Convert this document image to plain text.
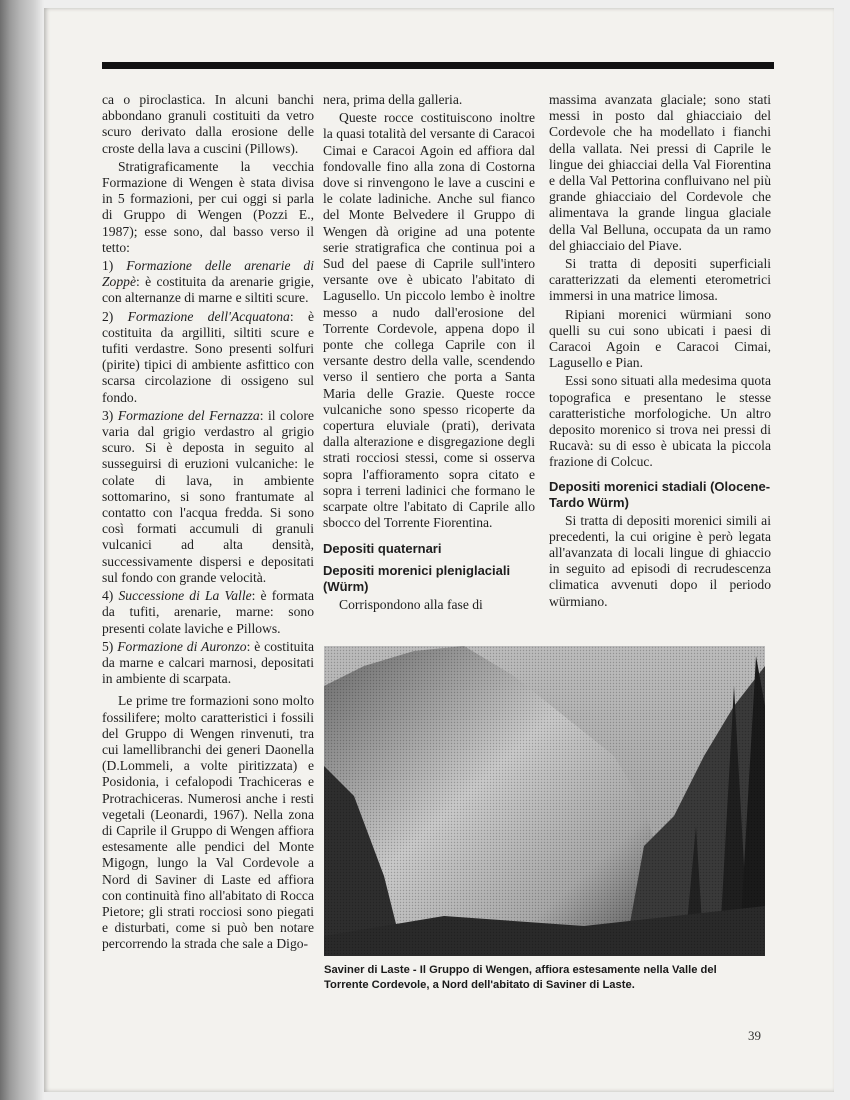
ca o piroclastica. In alcuni banchi abbondano granuli costituiti da vetro scuro derivato dalla erosione delle croste della lava a cuscini (Pillows).

Stratigraficamente la vecchia Formazione di Wengen è stata divisa in 5 formazioni, per cui oggi si parla di Gruppo di Wengen (Pozzi E., 1987); esse sono, dal basso verso il tetto:

1) Formazione delle arenarie di Zoppè: è costituita da arenarie grigie, con alternanze di marne e siltiti scure.

2) Formazione dell'Acquatona: è costituita da argilliti, siltiti scure e tufiti verdastre. Sono presenti solfuri (pirite) tipici di ambiente asfittico con scarsa circolazione di ossigeno sul fondo.

3) Formazione del Fernazza: il colore varia dal grigio verdastro al grigio scuro. Si è deposta in seguito al susseguirsi di eruzioni vulcaniche: le colate di lava, in ambiente sottomarino, si sono frantumate al contatto con l'acqua fredda. Si sono così formati accumuli di granuli vulcanici ad alta densità, successivamente dispersi e depositati sul fondo con grande velocità.

4) Successione di La Valle: è formata da tufiti, arenarie, marne: sono presenti colate laviche e Pillows.

5) Formazione di Auronzo: è costituita da marne e calcari marnosi, depositati in ambiente di scarpata.

Le prime tre formazioni sono molto fossilifere; molto caratteristici i fossili del Gruppo di Wengen rinvenuti, tra cui lamellibranchi dei generi Daonella (D.Lommeli, a volte piritizzata) e Posidonia, i cefalopodi Trachiceras e Protrachiceras. Numerosi anche i resti vegetali (Leonardi, 1967). Nella zona di Caprile il Gruppo di Wengen affiora estesamente alle pendici del Monte Migogn, lungo la Val Cordevole a Nord di Saviner di Laste ed affiora con continuità fino all'abitato di Rocca Pietore; gli strati rocciosi sono piegati e disturbati, come si può ben notare percorrendo la strada che sale a Digo-

nera, prima della galleria.

Queste rocce costituiscono inoltre la quasi totalità del versante di Caracoi Cimai e Caracoi Agoin ed affiora dal fondovalle fino alla zona di Costorna dove si rinvengono le lave a cuscini e le colate ladiniche. Anche sul fianco del Monte Belvedere il Gruppo di Wengen dà origine ad una potente serie stratigrafica che continua poi a Sud del paese di Caprile sull'intero versante ove è ubicato l'abitato di Lagusello. Un piccolo lembo è inoltre messo a nudo dall'erosione del Torrente Cordevole, appena dopo il ponte che collega Caprile con il versante destro della valle, scendendo verso il sentiero che porta a Santa Maria delle Grazie. Queste rocce vulcaniche sono spesso ricoperte da copertura eluviale (prati), derivata dalla alterazione e disgregazione degli strati rocciosi stessi, come si osserva sopra l'affioramento sopra citato e sopra i terreni ladinici che formano le scarpate oltre l'abitato di Caprile allo sbocco del Torrente Fiorentina.

Depositi quaternari
Depositi morenici pleniglaciali (Würm)

Corrispondono alla fase di

massima avanzata glaciale; sono stati messi in posto dal ghiacciaio del Cordevole che ha modellato i fianchi della vallata. Nei pressi di Caprile le lingue dei ghiacciai della Val Fiorentina e della Val Pettorina confluivano nel più grande ghiacciaio del Cordevole che alimentava la grande lingua glaciale della Val Belluna, occupata da un ramo del ghiacciaio del Piave.

Si tratta di depositi superficiali caratterizzati da elementi eterometrici immersi in una matrice limosa.

Ripiani morenici würmiani sono quelli su cui sono ubicati i paesi di Caracoi Agoin e Caracoi Cimai, Lagusello e Pian.

Essi sono situati alla medesima quota topografica e presentano le stesse caratteristiche morfologiche. Un altro deposito morenico si trova nei pressi di Rucavà: su di esso è ubicata la piccola frazione di Colcuc.

Depositi morenici stadiali (Olocene-Tardo Würm)

Si tratta di depositi morenici simili ai precedenti, la cui origine è però legata all'avanzata di locali lingue di ghiaccio in seguito ad episodi di recrudescenza climatica avvenuti dopo il periodo würmiano.

Saviner di Laste - Il Gruppo di Wengen, affiora estesamente nella Valle del
Torrente Cordevole, a Nord dell'abitato di Saviner di Laste.
39
